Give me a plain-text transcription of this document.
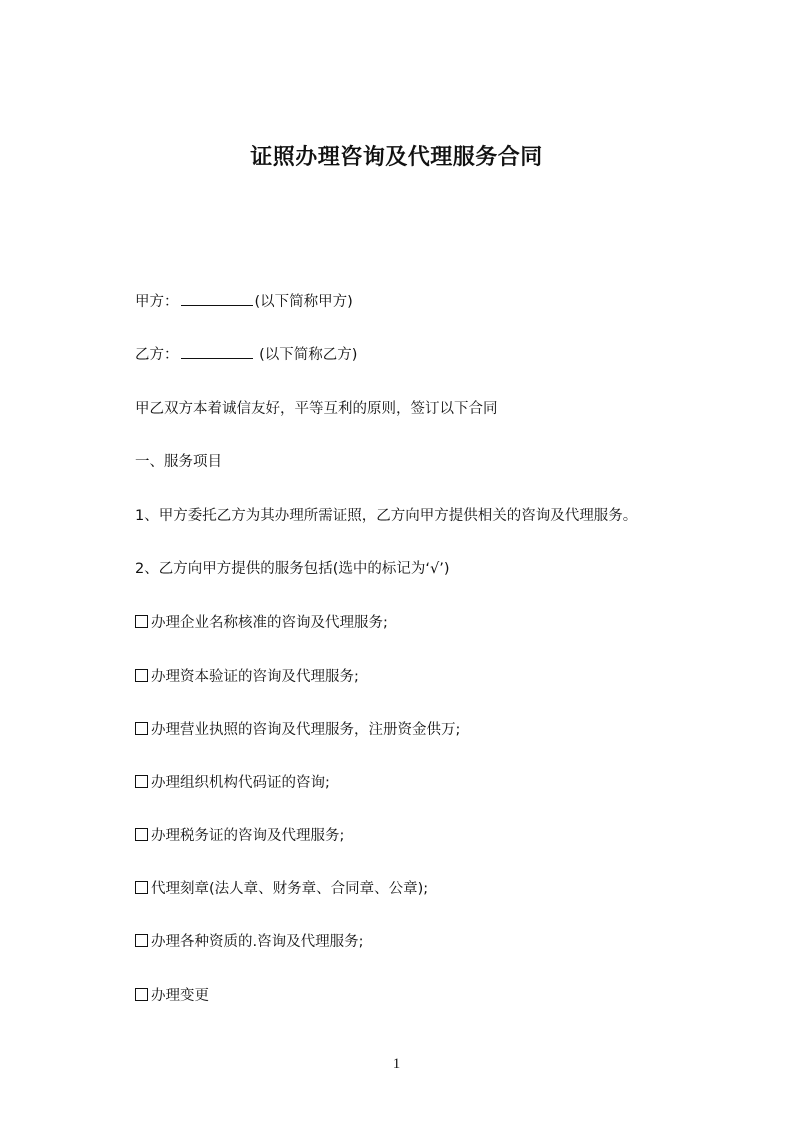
证照办理咨询及代理服务合同
甲方：	(以下简称甲方)
乙方：	(以下简称乙方)
甲乙双方本着诚信友好，平等互利的原则，签订以下合同
一、服务项目
1、甲方委托乙方为其办理所需证照，乙方向甲方提供相关的咨询及代理服务。
2、乙方向甲方提供的服务包括(选中的标记为‘√’)
办理企业名称核准的咨询及代理服务;
办理资本验证的咨询及代理服务;
办理营业执照的咨询及代理服务，注册资金供万;
办理组织机构代码证的咨询;
办理税务证的咨询及代理服务;
代理刻章(法人章、财务章、合同章、公章);
办理各种资质的.咨询及代理服务;
办理变更
1
